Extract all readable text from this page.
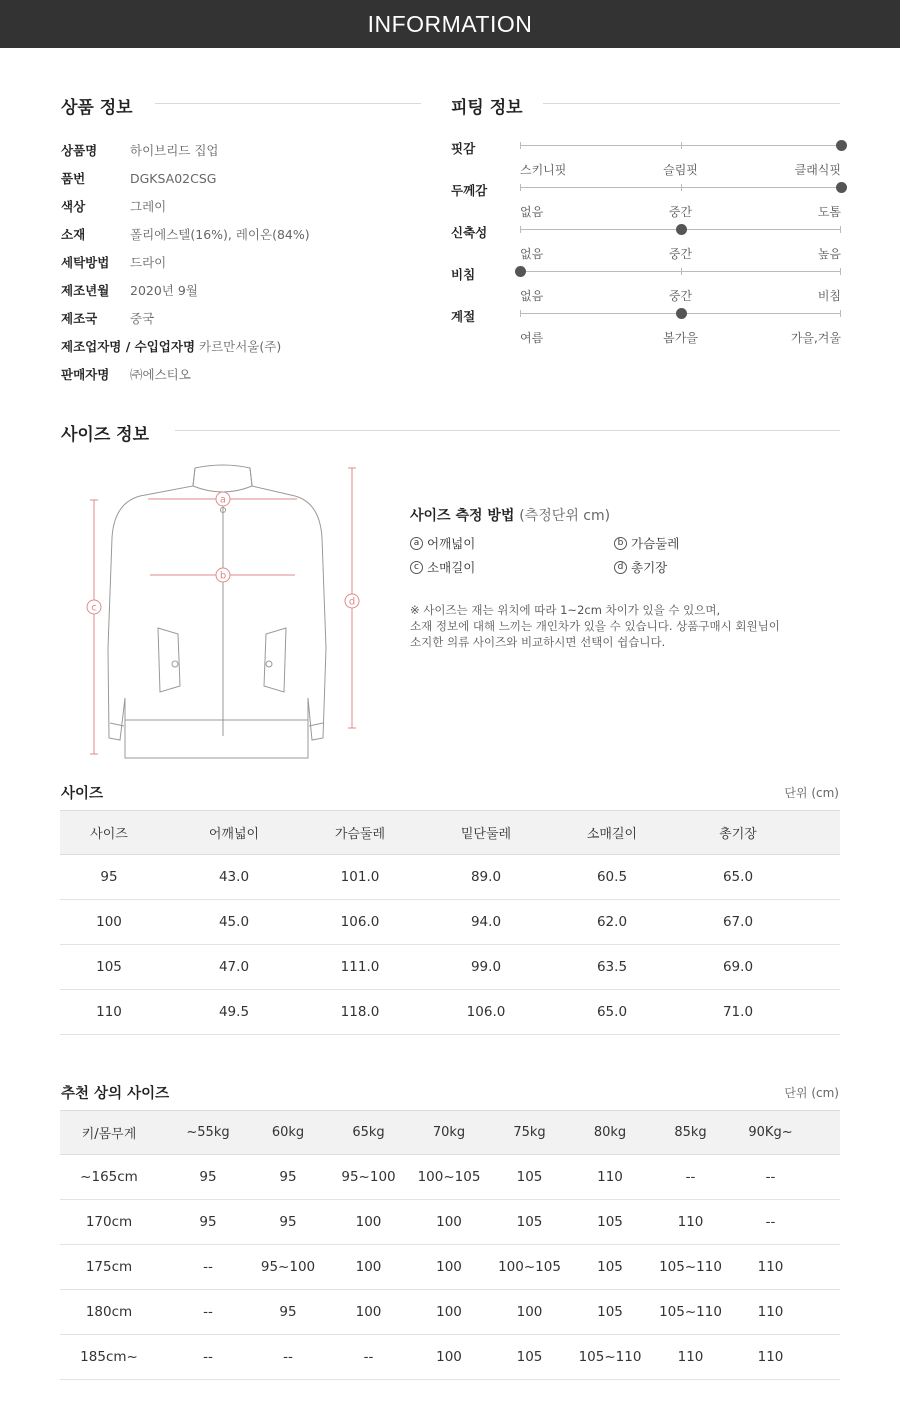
INFORMATION
상품 정보
상품명	하이브리드 집업
품번	DGKSA02CSG
색상	그레이
소재	폴리에스텔(16%), 레이온(84%)
세탁방법	드라이
제조년월	2020년 9월
제조국	중국
제조업자명 / 수입업자명 카르만서울(주)
판매자명	㈜에스티오
피팅 정보
핏감
스키니핏	슬림핏	클래식핏
두께감
없음	중간	도톰
신축성
없음	중간	높음
비침
없음	중간	비침
계절
여름	봄가을	가을,겨울
사이즈 정보
a
b
c
d
사이즈 측정 방법 (측정단위 cm)
a 어깨넓이	b 가슴둘레
c 소매길이	d 총기장
※ 사이즈는 재는 위치에 따라 1~2cm 차이가 있을 수 있으며,
소재 정보에 대해 느끼는 개인차가 있을 수 있습니다. 상품구매시 회원님이
소지한 의류 사이즈와 비교하시면 선택이 쉽습니다.
사이즈	단위 (cm)
사이즈	어깨넓이	가슴둘레	밑단둘레	소매길이	총기장
95	43.0	101.0	89.0	60.5	65.0
100	45.0	106.0	94.0	62.0	67.0
105	47.0	111.0	99.0	63.5	69.0
110	49.5	118.0	106.0	65.0	71.0
추천 상의 사이즈	단위 (cm)
키/몸무게	~55kg	60kg	65kg	70kg	75kg	80kg	85kg	90Kg~
~165cm	95	95	95~100	100~105	105	110	--	--
170cm	95	95	100	100	105	105	110	--
175cm	--	95~100	100	100	100~105	105	105~110	110
180cm	--	95	100	100	100	105	105~110	110
185cm~	--	--	--	100	105	105~110	110	110
